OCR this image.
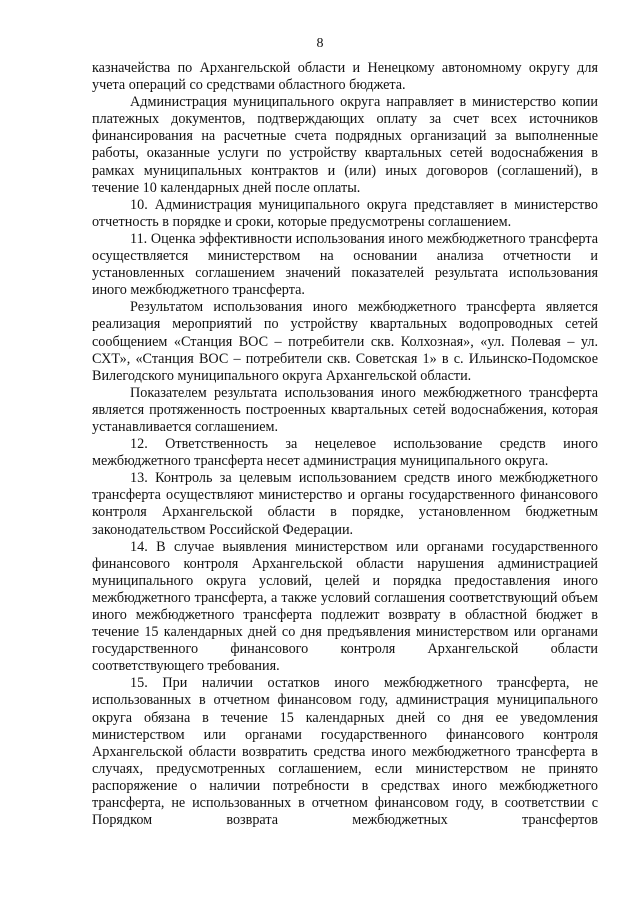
8

казначейства по Архангельской области и Ненецкому автономному округу для учета операций со средствами областного бюджета.

Администрация муниципального округа направляет в министерство копии платежных документов, подтверждающих оплату за счет всех источников финансирования на расчетные счета подрядных организаций за выполненные работы, оказанные услуги по устройству квартальных сетей водоснабжения в рамках муниципальных контрактов и (или) иных договоров (соглашений), в течение 10 календарных дней после оплаты.

10. Администрация муниципального округа представляет в министерство отчетность в порядке и сроки, которые предусмотрены соглашением.

11. Оценка эффективности использования иного межбюджетного трансферта осуществляется министерством на основании анализа отчетности и установленных соглашением значений показателей результата использования иного межбюджетного трансферта.

Результатом использования иного межбюджетного трансферта является реализация мероприятий по устройству квартальных водопроводных сетей сообщением «Станция ВОС – потребители скв. Колхозная», «ул. Полевая – ул. СХТ», «Станция ВОС – потребители скв. Советская 1» в с. Ильинско-Подомское Вилегодского муниципального округа Архангельской области.

Показателем результата использования иного межбюджетного трансферта является протяженность построенных квартальных сетей водоснабжения, которая устанавливается соглашением.

12. Ответственность за нецелевое использование средств иного межбюджетного трансферта несет администрация муниципального округа.

13. Контроль за целевым использованием средств иного межбюджетного трансферта осуществляют министерство и органы государственного финансового контроля Архангельской области в порядке, установленном бюджетным законодательством Российской Федерации.

14. В случае выявления министерством или органами государственного финансового контроля Архангельской области нарушения администрацией муниципального округа условий, целей и порядка предоставления иного межбюджетного трансферта, а также условий соглашения соответствующий объем иного межбюджетного трансферта подлежит возврату в областной бюджет в течение 15 календарных дней со дня предъявления министерством или органами государственного финансового контроля Архангельской области соответствующего требования.

15. При наличии остатков иного межбюджетного трансферта, не использованных в отчетном финансовом году, администрация муниципального округа обязана в течение 15 календарных дней со дня ее уведомления министерством или органами государственного финансового контроля Архангельской области возвратить средства иного межбюджетного трансферта в случаях, предусмотренных соглашением, если министерством не принято распоряжение о наличии потребности в средствах иного межбюджетного трансферта, не использованных в отчетном финансовом году, в соответствии с Порядком возврата межбюджетных трансфертов
